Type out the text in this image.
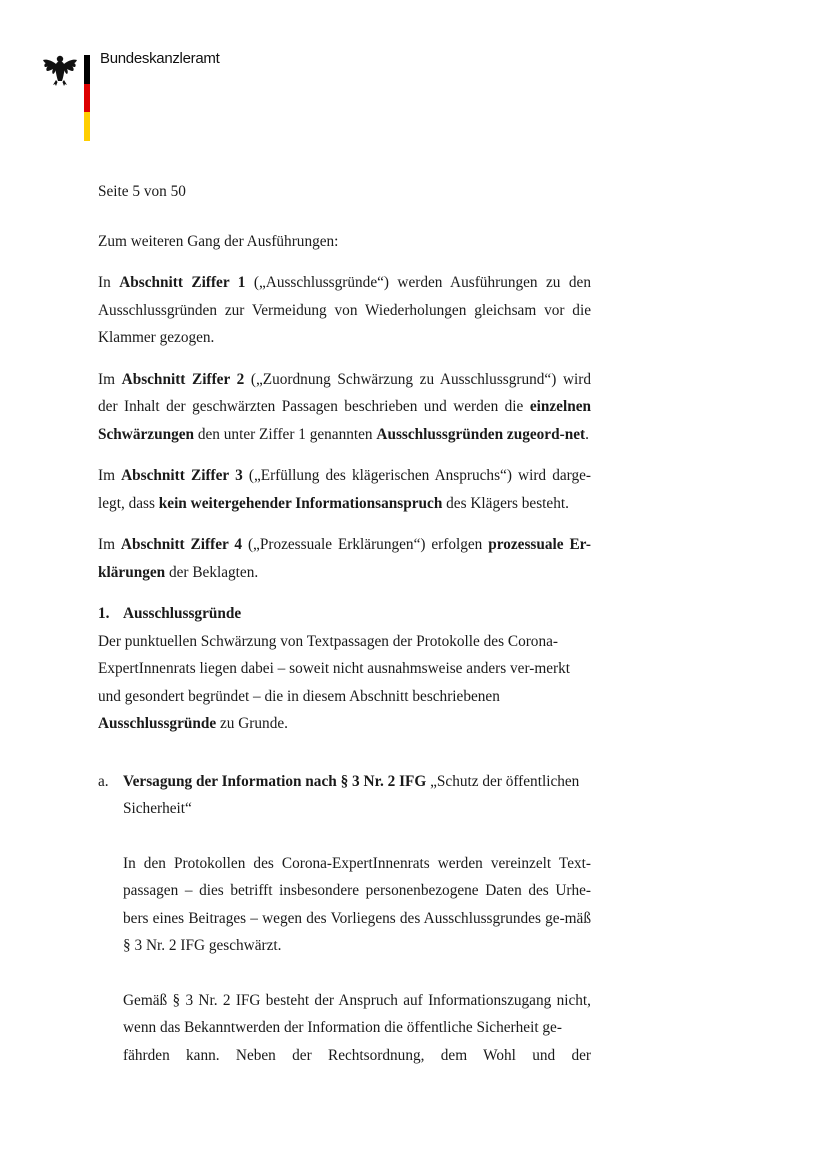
Bundeskanzleramt

Seite 5 von 50

Zum weiteren Gang der Ausführungen:

In Abschnitt Ziffer 1 („Ausschlussgründe“) werden Ausführungen zu den Ausschlussgründen zur Vermeidung von Wiederholungen gleichsam vor die Klammer gezogen.

Im Abschnitt Ziffer 2 („Zuordnung Schwärzung zu Ausschlussgrund“) wird der Inhalt der geschwärzten Passagen beschrieben und werden die einzelnen Schwärzungen den unter Ziffer 1 genannten Ausschlussgründen zugeord-net.

Im Abschnitt Ziffer 3 („Erfüllung des klägerischen Anspruchs“) wird darge-legt, dass kein weitergehender Informationsanspruch des Klägers besteht.

Im Abschnitt Ziffer 4 („Prozessuale Erklärungen“) erfolgen prozessuale Er-klärungen der Beklagten.

1. Ausschlussgründe

Der punktuellen Schwärzung von Textpassagen der Protokolle des Corona-ExpertInnenrats liegen dabei – soweit nicht ausnahmsweise anders ver-merkt und gesondert begründet – die in diesem Abschnitt beschriebenen Ausschlussgründe zu Grunde.

a. Versagung der Information nach § 3 Nr. 2 IFG „Schutz der öffentlichen Sicherheit“

In den Protokollen des Corona-ExpertInnenrats werden vereinzelt Text-passagen – dies betrifft insbesondere personenbezogene Daten des Urhe-bers eines Beitrages – wegen des Vorliegens des Ausschlussgrundes ge-mäß § 3 Nr. 2 IFG geschwärzt.

Gemäß § 3 Nr. 2 IFG besteht der Anspruch auf Informationszugang nicht, wenn das Bekanntwerden der Information die öffentliche Sicherheit ge-

fährden kann. Neben der Rechtsordnung, dem Wohl und der
